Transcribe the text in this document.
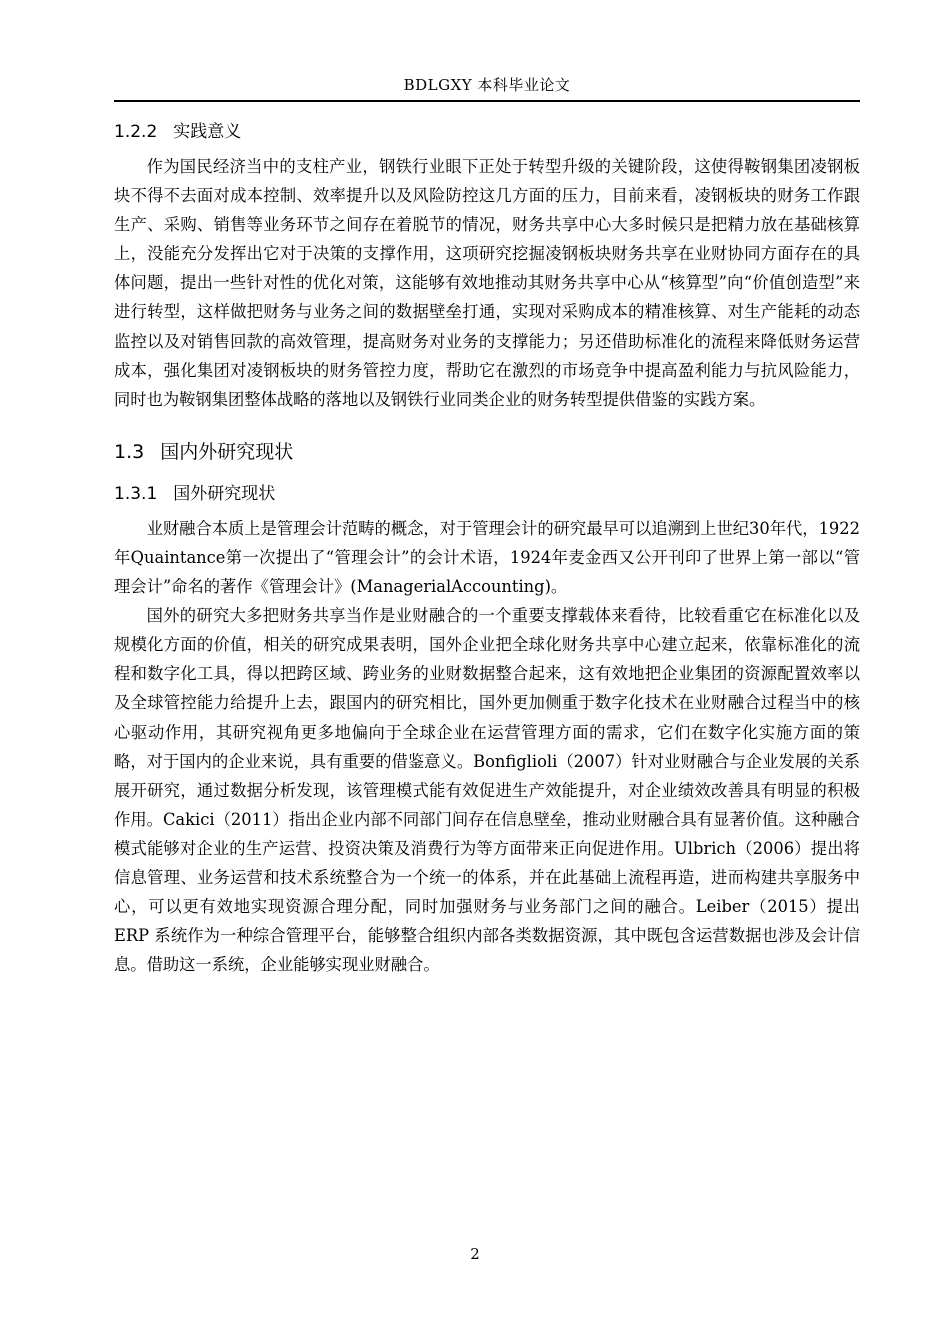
BDLGXY 本科毕业论文
1.2.2 实践意义

作为国民经济当中的支柱产业，钢铁行业眼下正处于转型升级的关键阶段，这使得鞍钢集团凌钢板块不得不去面对成本控制、效率提升以及风险防控这几方面的压力，目前来看，凌钢板块的财务工作跟生产、采购、销售等业务环节之间存在着脱节的情况，财务共享中心大多时候只是把精力放在基础核算上，没能充分发挥出它对于决策的支撑作用，这项研究挖掘凌钢板块财务共享在业财协同方面存在的具体问题，提出一些针对性的优化对策，这能够有效地推动其财务共享中心从“核算型”向“价值创造型”来进行转型，这样做把财务与业务之间的数据壁垒打通，实现对采购成本的精准核算、对生产能耗的动态监控以及对销售回款的高效管理，提高财务对业务的支撑能力；另还借助标准化的流程来降低财务运营成本，强化集团对凌钢板块的财务管控力度，帮助它在激烈的市场竞争中提高盈利能力与抗风险能力，同时也为鞍钢集团整体战略的落地以及钢铁行业同类企业的财务转型提供借鉴的实践方案。

1.3 国内外研究现状
1.3.1 国外研究现状

业财融合本质上是管理会计范畴的概念，对于管理会计的研究最早可以追溯到上世纪30年代，1922年Quaintance第一次提出了“管理会计”的会计术语，1924年麦金西又公开刊印了世界上第一部以“管理会计”命名的著作《管理会计》(ManagerialAccounting)。

国外的研究大多把财务共享当作是业财融合的一个重要支撑载体来看待，比较看重它在标准化以及规模化方面的价值，相关的研究成果表明，国外企业把全球化财务共享中心建立起来，依靠标准化的流程和数字化工具，得以把跨区域、跨业务的业财数据整合起来，这有效地把企业集团的资源配置效率以及全球管控能力给提升上去，跟国内的研究相比，国外更加侧重于数字化技术在业财融合过程当中的核心驱动作用，其研究视角更多地偏向于全球企业在运营管理方面的需求，它们在数字化实施方面的策略，对于国内的企业来说，具有重要的借鉴意义。Bonfiglioli（2007）针对业财融合与企业发展的关系展开研究，通过数据分析发现，该管理模式能有效促进生产效能提升，对企业绩效改善具有明显的积极作用。Cakici（2011）指出企业内部不同部门间存在信息壁垒，推动业财融合具有显著价值。这种融合模式能够对企业的生产运营、投资决策及消费行为等方面带来正向促进作用。Ulbrich（2006）提出将信息管理、业务运营和技术系统整合为一个统一的体系，并在此基础上流程再造，进而构建共享服务中心，可以更有效地实现资源合理分配，同时加强财务与业务部门之间的融合。Leiber（2015）提出 ERP 系统作为一种综合管理平台，能够整合组织内部各类数据资源，其中既包含运营数据也涉及会计信息。借助这一系统，企业能够实现业财融合。

2
